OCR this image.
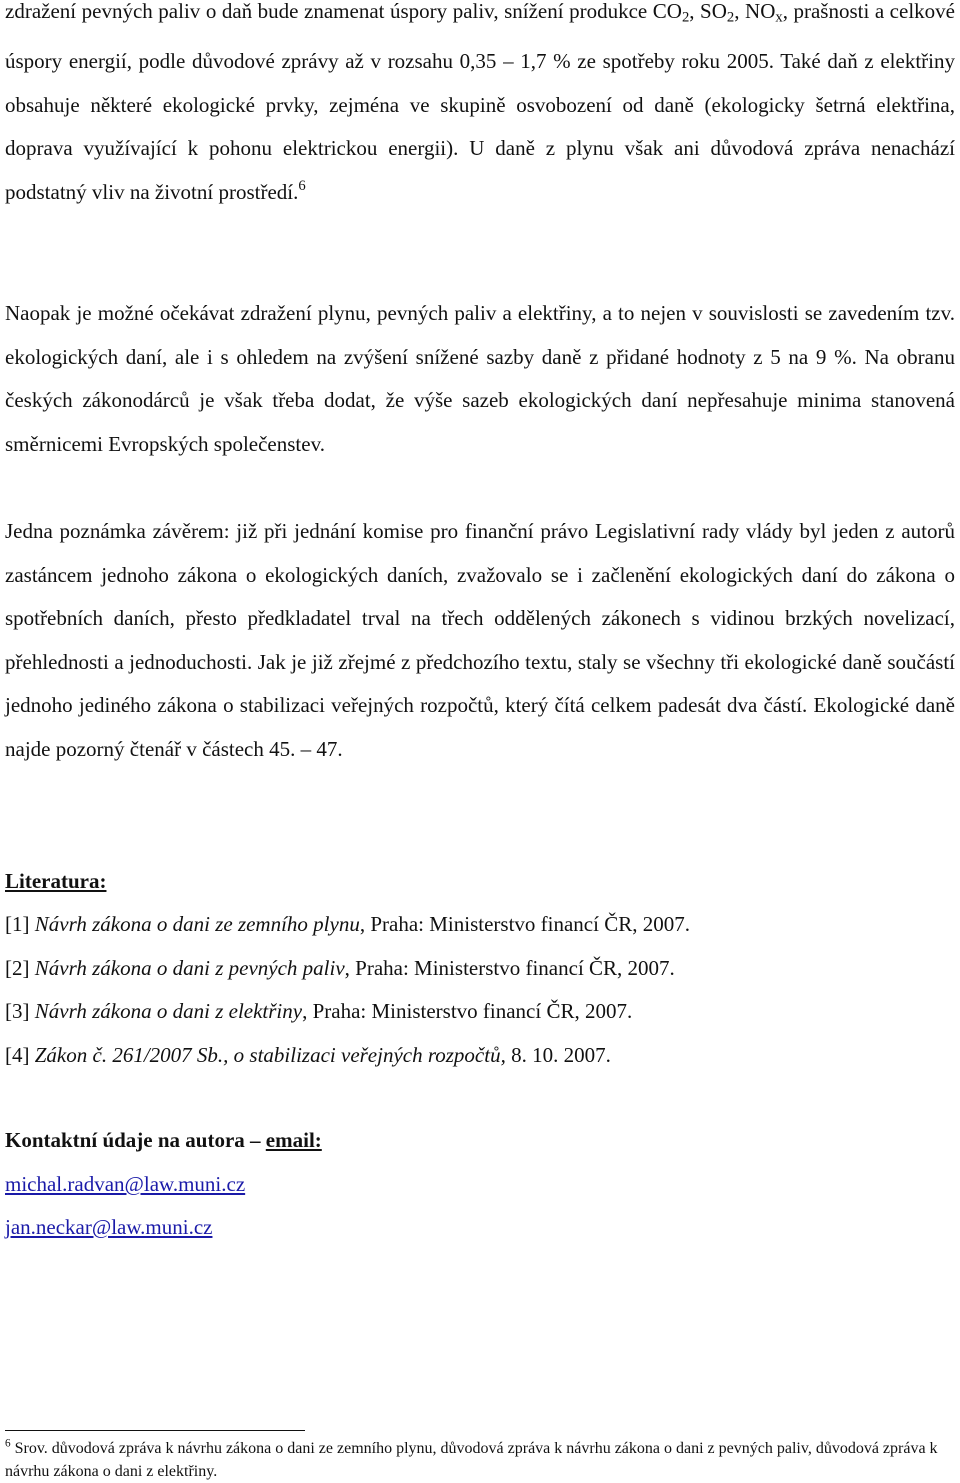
zdražení pevných paliv o daň bude znamenat úspory paliv, snížení produkce $CO_2$, $SO_2$, $NO_x$, prašnosti a celkové úspory energií, podle důvodové zprávy až v rozsahu 0,35 – 1,7 % ze spotřeby roku 2005. Také daň z elektřiny obsahuje některé ekologické prvky, zejména ve skupině osvobození od daně (ekologicky šetrná elektřina, doprava využívající k pohonu elektrickou energii). U daně z plynu však ani důvodová zpráva nenachází podstatný vliv na životní prostředí.$^6$

Naopak je možné očekávat zdražení plynu, pevných paliv a elektřiny, a to nejen v souvislosti se zavedením tzv. ekologických daní, ale i s ohledem na zvýšení snížené sazby daně z přidané hodnoty z 5 na 9 %. Na obranu českých zákonodárců je však třeba dodat, že výše sazeb ekologických daní nepřesahuje minima stanovená směrnicemi Evropských společenstev.

Jedna poznámka závěrem: již při jednání komise pro finanční právo Legislativní rady vlády byl jeden z autorů zastáncem jednoho zákona o ekologických daních, zvažovalo se i začlenění ekologických daní do zákona o spotřebních daních, přesto předkladatel trval na třech oddělených zákonech s vidinou brzkých novelizací, přehlednosti a jednoduchosti. Jak je již zřejmé z předchozího textu, staly se všechny tři ekologické daně součástí jednoho jediného zákona o stabilizaci veřejných rozpočtů, který čítá celkem padesát dva částí. Ekologické daně najde pozorný čtenář v částech 45. – 47.

Literatura:
[1] Návrh zákona o dani ze zemního plynu, Praha: Ministerstvo financí ČR, 2007.
[2] Návrh zákona o dani z pevných paliv, Praha: Ministerstvo financí ČR, 2007.
[3] Návrh zákona o dani z elektřiny, Praha: Ministerstvo financí ČR, 2007.
[4] Zákon č. 261/2007 Sb., o stabilizaci veřejných rozpočtů, 8. 10. 2007.
Kontaktní údaje na autora – email:
michal.radvan@law.muni.cz
jan.neckar@law.muni.cz

$^6$ Srov. důvodová zpráva k návrhu zákona o dani ze zemního plynu, důvodová zpráva k návrhu zákona o dani z pevných paliv, důvodová zpráva k návrhu zákona o dani z elektřiny.
